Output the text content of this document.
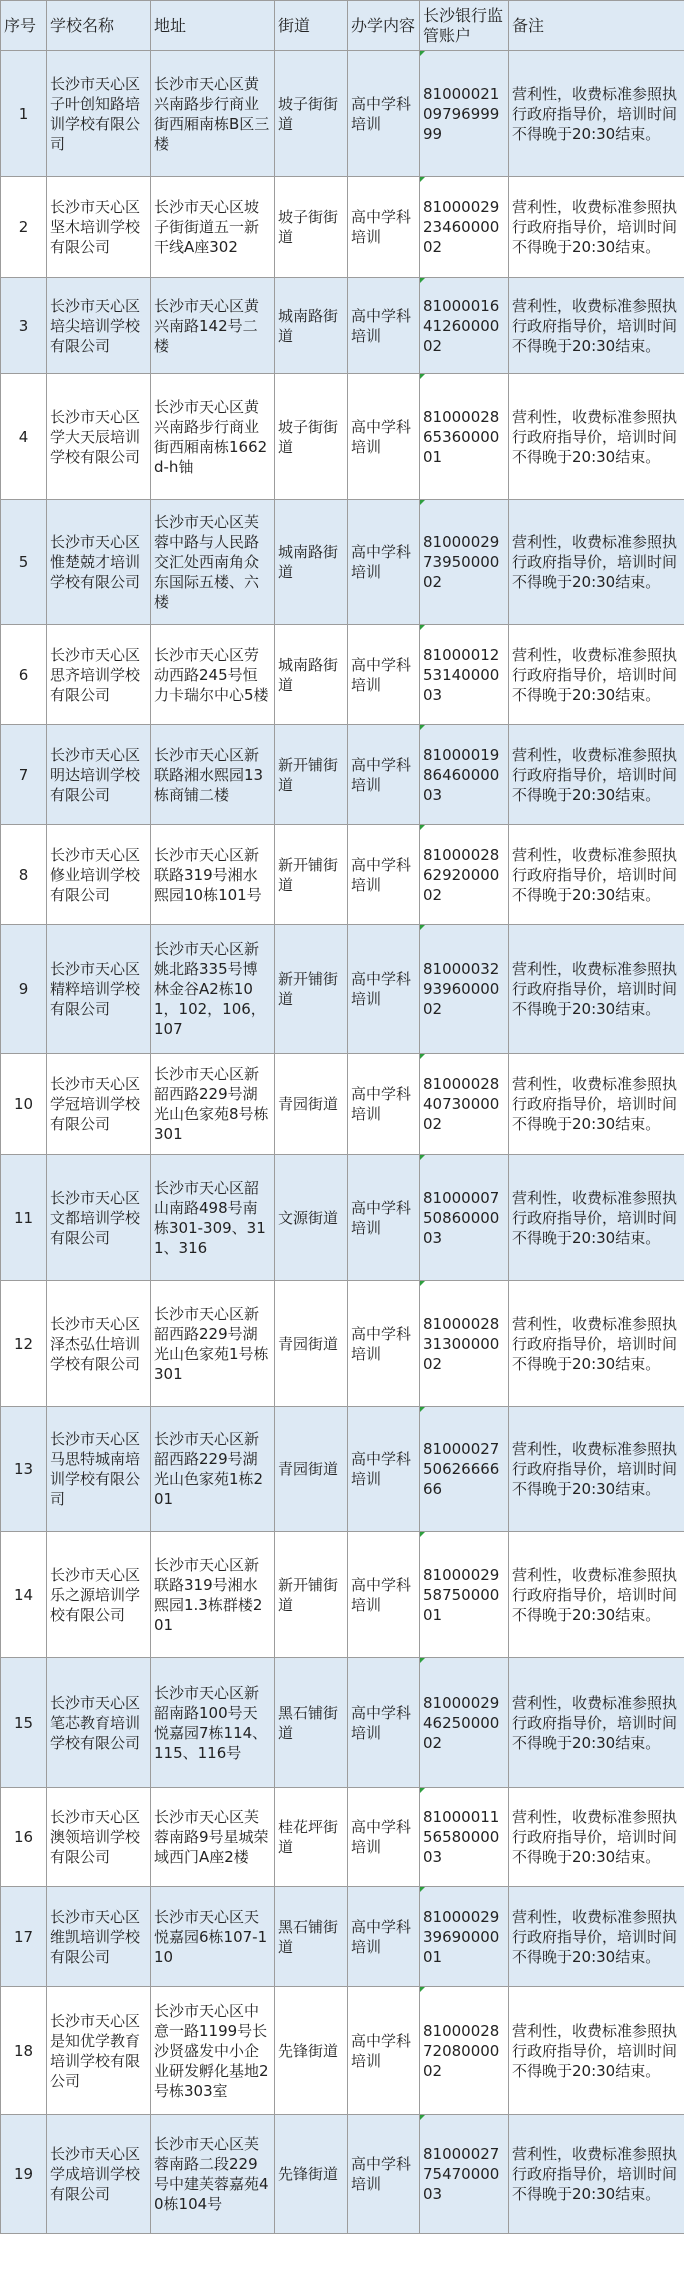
序号	学校名称	地址	街道	办学内容	长沙银行监管账户	备注
1	长沙市天心区子叶创知路培训学校有限公司	长沙市天心区黄兴南路步行商业街西厢南栋B区三楼	坡子街街道	高中学科培训	81000021 09796999 99	营利性，收费标准参照执行政府指导价，培训时间不得晚于20:30结束。
2	长沙市天心区坚木培训学校有限公司	长沙市天心区坡子街街道五一新干线A座302	坡子街街道	高中学科培训	81000029 23460000 02	营利性，收费标准参照执行政府指导价，培训时间不得晚于20:30结束。
3	长沙市天心区培尖培训学校有限公司	长沙市天心区黄兴南路142号二楼	城南路街道	高中学科培训	81000016 41260000 02	营利性，收费标准参照执行政府指导价，培训时间不得晚于20:30结束。
4	长沙市天心区学大天辰培训学校有限公司	长沙市天心区黄兴南路步行商业街西厢南栋1662d-h铀	坡子街街道	高中学科培训	81000028 65360000 01	营利性，收费标准参照执行政府指导价，培训时间不得晚于20:30结束。
5	长沙市天心区惟楚兢才培训学校有限公司	长沙市天心区芙蓉中路与人民路交汇处西南角众东国际五楼、六楼	城南路街道	高中学科培训	81000029 73950000 02	营利性，收费标准参照执行政府指导价，培训时间不得晚于20:30结束。
6	长沙市天心区思齐培训学校有限公司	长沙市天心区劳动西路245号恒力卡瑞尔中心5楼	城南路街道	高中学科培训	81000012 53140000 03	营利性，收费标准参照执行政府指导价，培训时间不得晚于20:30结束。
7	长沙市天心区明达培训学校有限公司	长沙市天心区新联路湘水熙园13栋商铺二楼	新开铺街道	高中学科培训	81000019 86460000 03	营利性，收费标准参照执行政府指导价，培训时间不得晚于20:30结束。
8	长沙市天心区修业培训学校有限公司	长沙市天心区新联路319号湘水熙园10栋101号	新开铺街道	高中学科培训	81000028 62920000 02	营利性，收费标准参照执行政府指导价，培训时间不得晚于20:30结束。
9	长沙市天心区精粹培训学校有限公司	长沙市天心区新姚北路335号博林金谷A2栋101，102，106，107	新开铺街道	高中学科培训	81000032 93960000 02	营利性，收费标准参照执行政府指导价，培训时间不得晚于20:30结束。
10	长沙市天心区学冠培训学校有限公司	长沙市天心区新韶西路229号湖光山色家苑8号栋301	青园街道	高中学科培训	81000028 40730000 02	营利性，收费标准参照执行政府指导价，培训时间不得晚于20:30结束。
11	长沙市天心区文都培训学校有限公司	长沙市天心区韶山南路498号南栋301-309、311、316	文源街道	高中学科培训	81000007 50860000 03	营利性，收费标准参照执行政府指导价，培训时间不得晚于20:30结束。
12	长沙市天心区泽杰弘仕培训学校有限公司	长沙市天心区新韶西路229号湖光山色家苑1号栋301	青园街道	高中学科培训	81000028 31300000 02	营利性，收费标准参照执行政府指导价，培训时间不得晚于20:30结束。
13	长沙市天心区马思特城南培训学校有限公司	长沙市天心区新韶西路229号湖光山色家苑1栋201	青园街道	高中学科培训	81000027 50626666 66	营利性，收费标准参照执行政府指导价，培训时间不得晚于20:30结束。
14	长沙市天心区乐之源培训学校有限公司	长沙市天心区新联路319号湘水熙园1.3栋群楼201	新开铺街道	高中学科培训	81000029 58750000 01	营利性，收费标准参照执行政府指导价，培训时间不得晚于20:30结束。
15	长沙市天心区笔芯教育培训学校有限公司	长沙市天心区新韶南路100号天悦嘉园7栋114、115、116号	黑石铺街道	高中学科培训	81000029 46250000 02	营利性，收费标准参照执行政府指导价，培训时间不得晚于20:30结束。
16	长沙市天心区澳领培训学校有限公司	长沙市天心区芙蓉南路9号星城荣域西门A座2楼	桂花坪街道	高中学科培训	81000011 56580000 03	营利性，收费标准参照执行政府指导价，培训时间不得晚于20:30结束。
17	长沙市天心区维凯培训学校有限公司	长沙市天心区天悦嘉园6栋107-110	黑石铺街道	高中学科培训	81000029 39690000 01	营利性，收费标准参照执行政府指导价，培训时间不得晚于20:30结束。
18	长沙市天心区是知优学教育培训学校有限公司	长沙市天心区中意一路1199号长沙贤盛发中小企业研发孵化基地2号栋303室	先锋街道	高中学科培训	81000028 72080000 02	营利性，收费标准参照执行政府指导价，培训时间不得晚于20:30结束。
19	长沙市天心区学成培训学校有限公司	长沙市天心区芙蓉南路二段229号中建芙蓉嘉苑40栋104号	先锋街道	高中学科培训	81000027 75470000 03	营利性，收费标准参照执行政府指导价，培训时间不得晚于20:30结束。
